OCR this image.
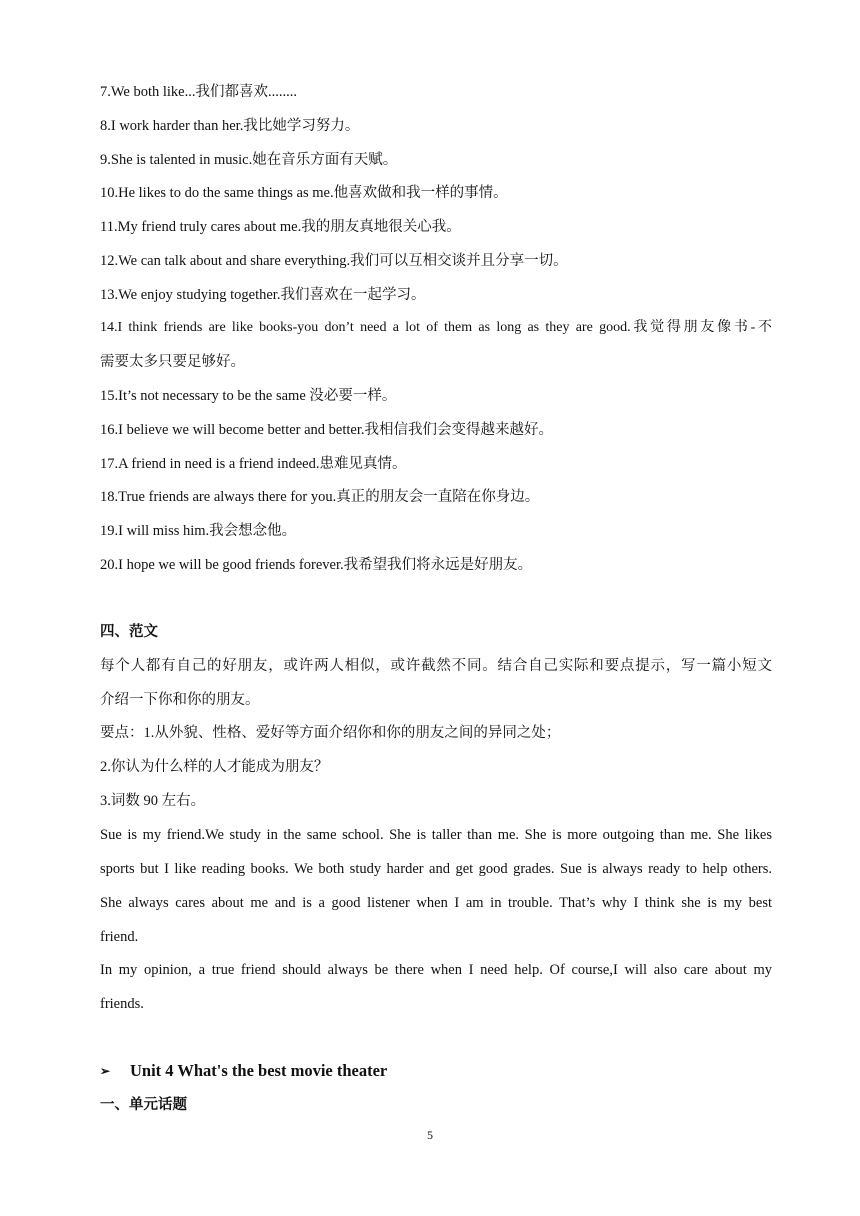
7.We both like...我们都喜欢........
8.I work harder than her.我比她学习努力。
9.She is talented in music.她在音乐方面有天赋。
10.He likes to do the same things as me.他喜欢做和我一样的事情。
11.My friend truly cares about me.我的朋友真地很关心我。
12.We can talk about and share everything.我们可以互相交谈并且分享一切。
13.We enjoy studying together.我们喜欢在一起学习。
14.I think friends are like books-you don’t need a lot of them as long as they are good.我觉得朋友像书-不
需要太多只要足够好。
15.It’s not necessary to be the same 没必要一样。
16.I believe we will become better and better.我相信我们会变得越来越好。
17.A friend in need is a friend indeed.患难见真情。
18.True friends are always there for you.真正的朋友会一直陪在你身边。
19.I will miss him.我会想念他。
20.I hope we will be good friends forever.我希望我们将永远是好朋友。
四、范文
每个人都有自己的好朋友，或许两人相似，或许截然不同。结合自己实际和要点提示，写一篇小短文
介绍一下你和你的朋友。
要点：1.从外貌、性格、爱好等方面介绍你和你的朋友之间的异同之处；
2.你认为什么样的人才能成为朋友？
3.词数 90 左右。
Sue is my friend.We study in the same school. She is taller than me. She is more outgoing than me. She likes
sports but I like reading books. We both study harder and get good grades. Sue is always ready to help others.
She always cares about me and is a good listener when I am in trouble. That’s why I think she is my best
friend.
In my opinion, a true friend should always be there when I need help. Of course,I will also care about my
friends.
➢ Unit 4 What's the best movie theater
一、单元话题
5
